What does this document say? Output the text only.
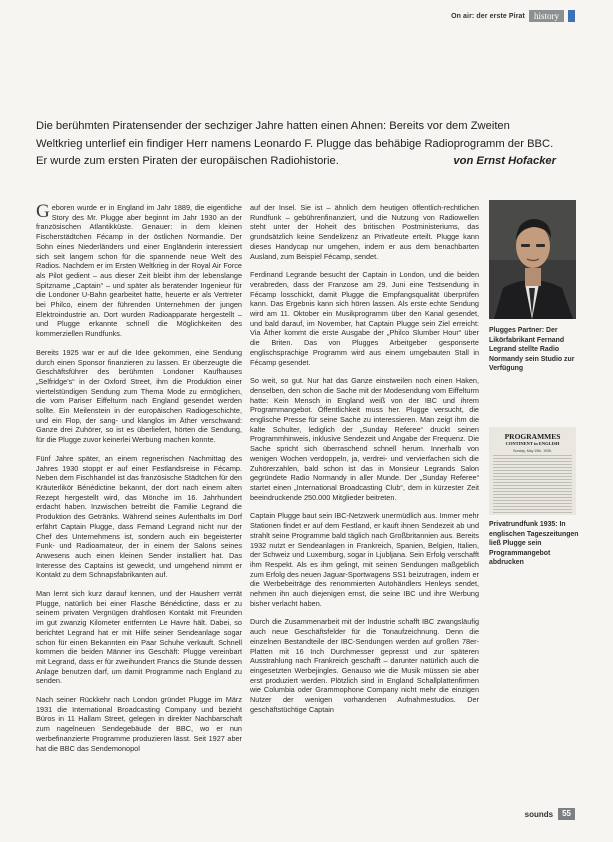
On air: der erste Pirat	history
Die berühmten Piratensender der sechziger Jahre hatten einen Ahnen: Bereits vor dem Zweiten Weltkrieg unterlief ein findiger Herr namens Leonardo F. Plugge das behäbige Radioprogramm der BBC. Er wurde zum ersten Piraten der europäischen Radiohistorie.	von Ernst Hofacker

Geboren wurde er in England im Jahr 1889, die eigentliche Story des Mr. Plugge aber beginnt im Jahr 1930 an der französischen Atlantikküste. Genauer: in dem kleinen Fischerstädtchen Fécamp in der östlichen Normandie. Der Sohn eines Niederländers und einer Engländerin interessiert sich seit langem schon für die spannende neue Welt des Radios. Nachdem er im Ersten Weltkrieg in der Royal Air Force als Pilot gedient – aus dieser Zeit bleibt ihm der lebenslange Spitzname „Captain“ – und später als beratender Ingenieur für die Londoner U-Bahn gearbeitet hatte, heuerte er als Vertreter bei Philco, einem der führenden Unternehmen der jungen Elektroindustrie an. Dort wurden Radioapparate hergestellt – und Plugge erkannte schnell die Möglichkeiten des kommerziellen Rundfunks.

Bereits 1925 war er auf die Idee gekommen, eine Sendung durch einen Sponsor finanzieren zu lassen. Er überzeugte die Geschäftsführer des berühmten Londoner Kaufhauses „Selfridge's“ in der Oxford Street, ihm die Produktion einer viertelstündigen Sendung zum Thema Mode zu ermöglichen, die vom Pariser Eiffelturm nach England gesendet werden sollte. Ein Meilenstein in der europäischen Radiogeschichte, und ein Flop, der sang- und klanglos im Äther verschwand: Ganze drei Zuhörer, so ist es überliefert, hörten die Sendung, für die Plugge zuvor keinerlei Werbung machen konnte.

Fünf Jahre später, an einem regnerischen Nachmittag des Jahres 1930 stoppt er auf einer Festlandsreise in Fécamp. Neben dem Fischhandel ist das französische Städtchen für den Kräuterlikör Bénédictine bekannt, der dort nach einem alten Rezept hergestellt wird, das Mönche im 16. Jahrhundert erdacht haben. Inzwischen betreibt die Familie Legrand die Produktion des Getränks. Während seines Aufenthalts im Dorf erfährt Captain Plugge, dass Fernand Legrand nicht nur der Chef des Unternehmens ist, sondern auch ein begeisterter Funk- und Radioamateur, der in einem der Salons seines Anwesens auch einen kleinen Sender installiert hat. Das Interesse des Captains ist geweckt, und umgehend nimmt er Kontakt zu dem Schnapsfabrikanten auf.

Man lernt sich kurz darauf kennen, und der Hausherr verrät Plugge, natürlich bei einer Flasche Bénédictine, dass er zu seinem privaten Vergnügen drahtlosen Kontakt mit Freunden im gut zwanzig Kilometer entfernten Le Havre hält. Dabei, so berichtet Legrand hat er mit Hilfe seiner Sendeanlage sogar schon für einen Bekannten ein Paar Schuhe verkauft. Schnell kommen die beiden Männer ins Geschäft: Plugge vereinbart mit Legrand, dass er für zweihundert Francs die Stunde dessen Anlage benutzen darf, um damit Programme nach England zu senden.

Nach seiner Rückkehr nach London gründet Plugge im März 1931 die International Broadcasting Company und bezieht Büros in 11 Hallam Street, gelegen in direkter Nachbarschaft zum nagelneuen Sendegebäude der BBC, wo er nun werbefinanzierte Programme produzieren lässt. Seit 1927 aber hat die BBC das Sendemonopol

auf der Insel. Sie ist – ähnlich dem heutigen öffentlich-rechtlichen Rundfunk – gebührenfinanziert, und die Nutzung von Radiowellen steht unter der Hoheit des britischen Postministeriums, das grundsätzlich keine Sendelizenz an Privatleute erteilt. Plugge kann dieses Handycap nur umgehen, indem er aus dem benachbarten Ausland, zum Beispiel Fécamp, sendet.

Ferdinand Legrande besucht der Captain in London, und die beiden verabreden, dass der Franzose am 29. Juni eine Testsendung in Fécamp losschickt, damit Plugge die Empfangsqualität überprüfen kann. Das Ergebnis kann sich hören lassen. Als erste echte Sendung wird am 11. Oktober ein Musikprogramm über den Kanal gesendet, und bald darauf, im November, hat Captain Plugge sein Ziel erreicht: Via Äther kommt die erste Ausgabe der „Philco Slumber Hour“ über die Briten. Das von Plugges Arbeitgeber gesponserte englischsprachige Programm wird aus einem umgebauten Stall in Fécamp gesendet.

So weit, so gut. Nur hat das Ganze einstweilen noch einen Haken, denselben, den schon die Sache mit der Modesendung vom Eiffelturm hatte: Kein Mensch in England weiß von der IBC und ihrem Programmangebot. Öffentlichkeit muss her. Plugge versucht, die englische Presse für seine Sache zu interessieren. Man zeigt ihm die kalte Schulter, lediglich der „Sunday Referee“ druckt seinen Programmhinweis, inklusive Sendezeit und Angabe der Frequenz. Die Sache spricht sich überraschend schnell herum. Innerhalb von wenigen Wochen verdoppeln, ja, verdrei- und vervierfachen sich die Zuhörerzahlen, bald schon ist das in Monsieur Legrands Salon gegründete Radio Normandy in aller Munde. Der „Sunday Referee“ startet einen „International Broadcasting Club“, dem in kürzester Zeit beeindruckende 250.000 Mitglieder beitreten.

Captain Plugge baut sein IBC-Netzwerk unermüdlich aus. Immer mehr Stationen findet er auf dem Festland, er kauft ihnen Sendezeit ab und strahlt seine Programme bald täglich nach Großbritannien aus. Bereits 1932 nutzt er Sendeanlagen in Frankreich, Spanien, Belgien, Italien, der Schweiz und Luxemburg, sogar in Ljubljana. Sein Erfolg verschafft ihm Respekt. Als es ihm gelingt, mit seinen Sendungen maßgeblich zum Erfolg des neuen Jaguar-Sportwagens SS1 beizutragen, indem er die Werbebeiträge des renommierten Autohändlers Henleys sendet, nehmen ihn auch diejenigen ernst, die seine IBC und ihre Werbung bisher verlacht haben.

Durch die Zusammenarbeit mit der Industrie schafft IBC zwangsläufig auch neue Geschäftsfelder für die Tonaufzeichnung. Denn die einzelnen Bestandteile der IBC-Sendungen werden auf großen 78er-Platten mit 16 Inch Durchmesser gepresst und zur späteren Ausstrahlung nach Frankreich geschafft – darunter natürlich auch die eingesetzten Werbejingles. Genauso wie die Musik müssen sie aber erst produziert werden. Plötzlich sind in England Schallplattenfirmen wie Columbia oder Grammophone Company nicht mehr die einzigen Nutzer der wenigen vorhandenen Aufnahmestudios. Der geschäftstüchtige Captain

Plugges Partner: Der Likörfabrikant Fernand Legrand stellte Radio Normandy sein Studio zur Verfügung
PROGRAMMES
CONTINENT in ENGLISH
Sunday, May 19th, 1935.
Privatrundfunk 1935: In englischen Tageszeitungen ließ Plugge sein Programmangebot abdrucken
sounds	55
